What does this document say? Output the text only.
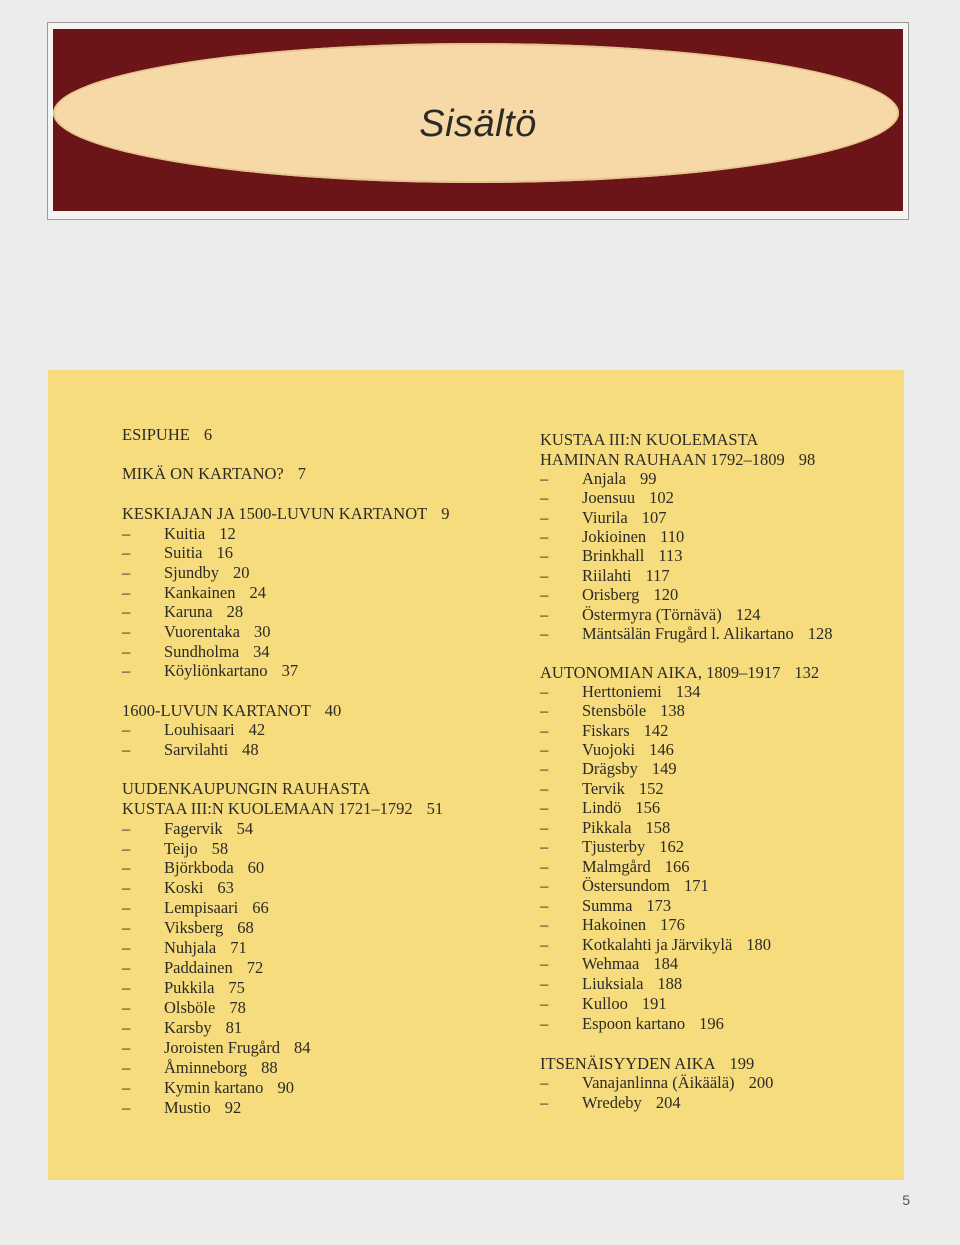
Sisältö
ESIPUHE 6
MIKÄ ON KARTANO? 7
KESKIAJAN JA 1500-LUVUN KARTANOT 9
– Kuitia 12
– Suitia 16
– Sjundby 20
– Kankainen 24
– Karuna 28
– Vuorentaka 30
– Sundholma 34
– Köyliönkartano 37
1600-LUVUN KARTANOT 40
– Louhisaari 42
– Sarvilahti 48
UUDENKAUPUNGIN RAUHASTA
KUSTAA III:N KUOLEMAAN 1721–1792 51
– Fagervik 54
– Teijo 58
– Björkboda 60
– Koski 63
– Lempisaari 66
– Viksberg 68
– Nuhjala 71
– Paddainen 72
– Pukkila 75
– Olsböle 78
– Karsby 81
– Joroisten Frugård 84
– Åminneborg 88
– Kymin kartano 90
– Mustio 92
KUSTAA III:N KUOLEMASTA
HAMINAN RAUHAAN 1792–1809 98
– Anjala 99
– Joensuu 102
– Viurila 107
– Jokioinen 110
– Brinkhall 113
– Riilahti 117
– Orisberg 120
– Östermyra (Törnävä) 124
– Mäntsälän Frugård l. Alikartano 128
AUTONOMIAN AIKA, 1809–1917 132
– Herttoniemi 134
– Stensböle 138
– Fiskars 142
– Vuojoki 146
– Drägsby 149
– Tervik 152
– Lindö 156
– Pikkala 158
– Tjusterby 162
– Malmgård 166
– Östersundom 171
– Summa 173
– Hakoinen 176
– Kotkalahti ja Järvikylä 180
– Wehmaa 184
– Liuksiala 188
– Kulloo 191
– Espoon kartano 196
ITSENÄISYYDEN AIKA 199
– Vanajanlinna (Äikäälä) 200
– Wredeby 204
5
